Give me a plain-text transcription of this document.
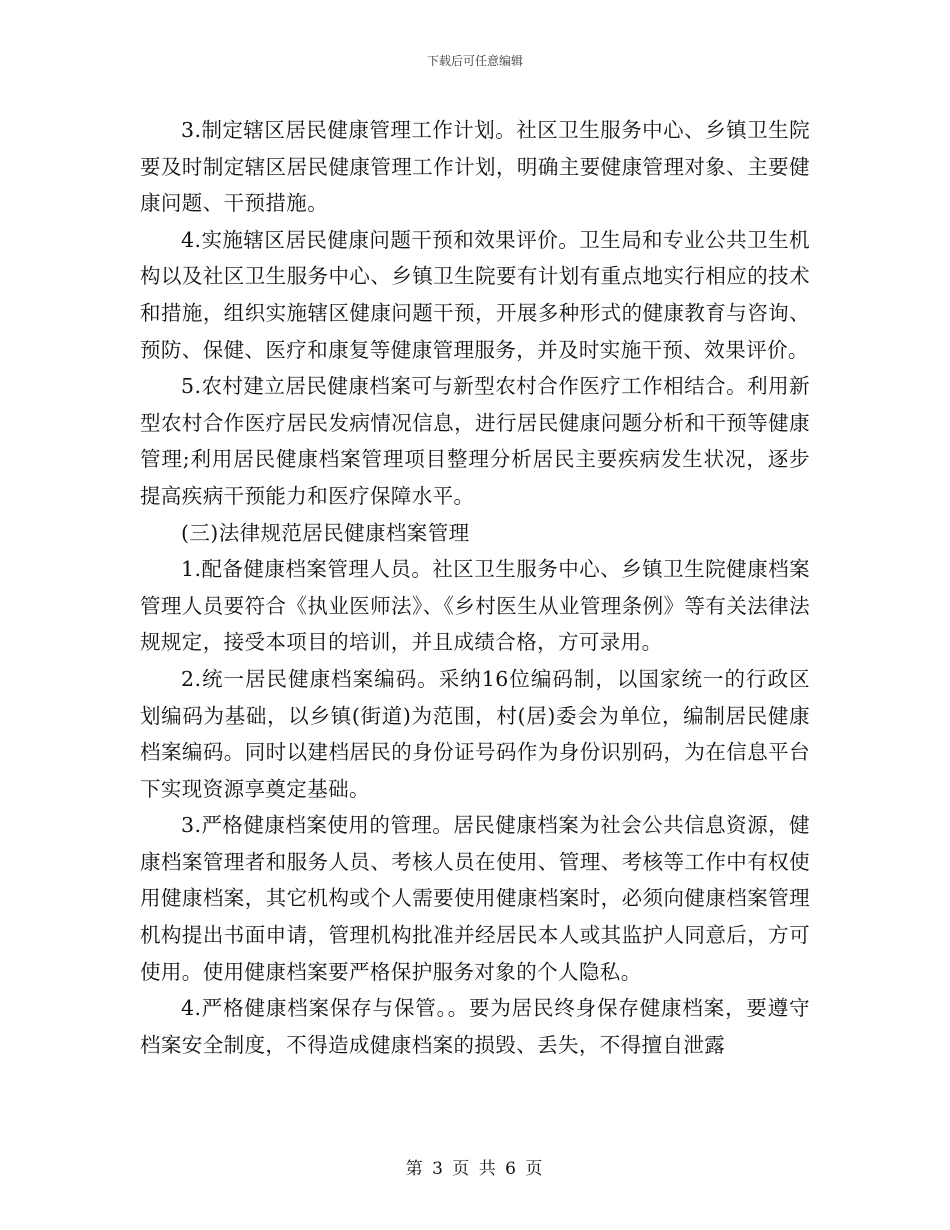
下载后可任意编辑

3.制定辖区居民健康管理工作计划。社区卫生服务中心、乡镇卫生院要及时制定辖区居民健康管理工作计划，明确主要健康管理对象、主要健康问题、干预措施。

4.实施辖区居民健康问题干预和效果评价。卫生局和专业公共卫生机构以及社区卫生服务中心、乡镇卫生院要有计划有重点地实行相应的技术和措施，组织实施辖区健康问题干预，开展多种形式的健康教育与咨询、预防、保健、医疗和康复等健康管理服务，并及时实施干预、效果评价。

5.农村建立居民健康档案可与新型农村合作医疗工作相结合。利用新型农村合作医疗居民发病情况信息，进行居民健康问题分析和干预等健康管理;利用居民健康档案管理项目整理分析居民主要疾病发生状况，逐步提高疾病干预能力和医疗保障水平。

(三)法律规范居民健康档案管理

1.配备健康档案管理人员。社区卫生服务中心、乡镇卫生院健康档案管理人员要符合《执业医师法》、《乡村医生从业管理条例》等有关法律法规规定，接受本项目的培训，并且成绩合格，方可录用。

2.统一居民健康档案编码。采纳16位编码制，以国家统一的行政区划编码为基础，以乡镇(街道)为范围，村(居)委会为单位，编制居民健康档案编码。同时以建档居民的身份证号码作为身份识别码，为在信息平台下实现资源享奠定基础。

3.严格健康档案使用的管理。居民健康档案为社会公共信息资源，健康档案管理者和服务人员、考核人员在使用、管理、考核等工作中有权使用健康档案，其它机构或个人需要使用健康档案时，必须向健康档案管理机构提出书面申请，管理机构批准并经居民本人或其监护人同意后，方可使用。使用健康档案要严格保护服务对象的个人隐私。

4.严格健康档案保存与保管。。要为居民终身保存健康档案，要遵守档案安全制度，不得造成健康档案的损毁、丢失，不得擅自泄露

第 3 页 共 6 页
